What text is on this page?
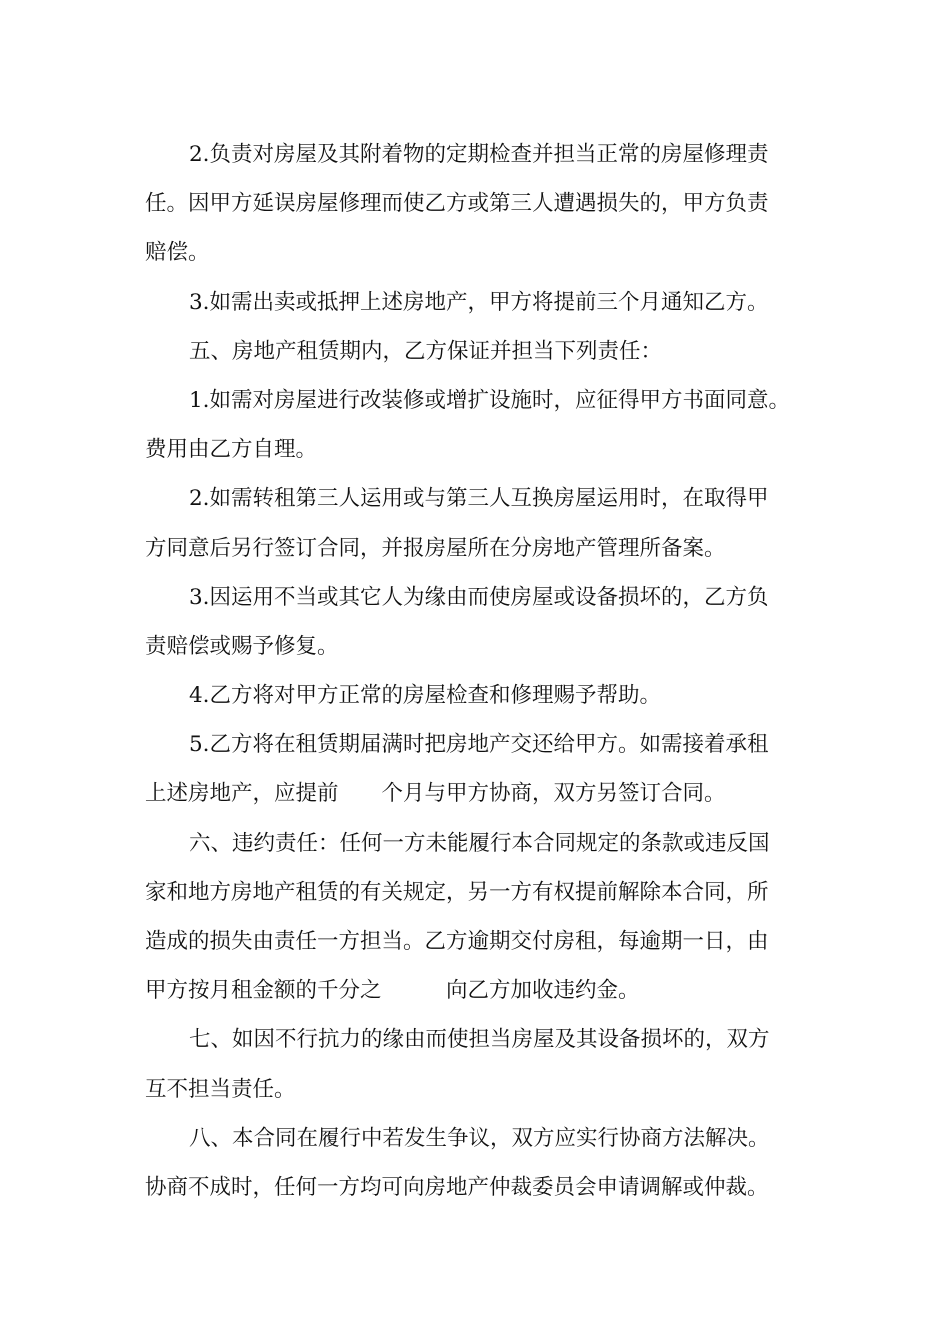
2.负责对房屋及其附着物的定期检查并担当正常的房屋修理责
任。因甲方延误房屋修理而使乙方或第三人遭遇损失的，甲方负责
赔偿。
3.如需出卖或抵押上述房地产，甲方将提前三个月通知乙方。
五、房地产租赁期内，乙方保证并担当下列责任：
1.如需对房屋进行改装修或增扩设施时，应征得甲方书面同意。
费用由乙方自理。
2.如需转租第三人运用或与第三人互换房屋运用时，在取得甲
方同意后另行签订合同，并报房屋所在分房地产管理所备案。
3.因运用不当或其它人为缘由而使房屋或设备损坏的，乙方负
责赔偿或赐予修复。
4.乙方将对甲方正常的房屋检查和修理赐予帮助。
5.乙方将在租赁期届满时把房地产交还给甲方。如需接着承租
上述房地产，应提前　　个月与甲方协商，双方另签订合同。
六、违约责任：任何一方未能履行本合同规定的条款或违反国
家和地方房地产租赁的有关规定，另一方有权提前解除本合同，所
造成的损失由责任一方担当。乙方逾期交付房租，每逾期一日，由
甲方按月租金额的千分之　　　向乙方加收违约金。
七、如因不行抗力的缘由而使担当房屋及其设备损坏的，双方
互不担当责任。
八、本合同在履行中若发生争议，双方应实行协商方法解决。
协商不成时，任何一方均可向房地产仲裁委员会申请调解或仲裁。
